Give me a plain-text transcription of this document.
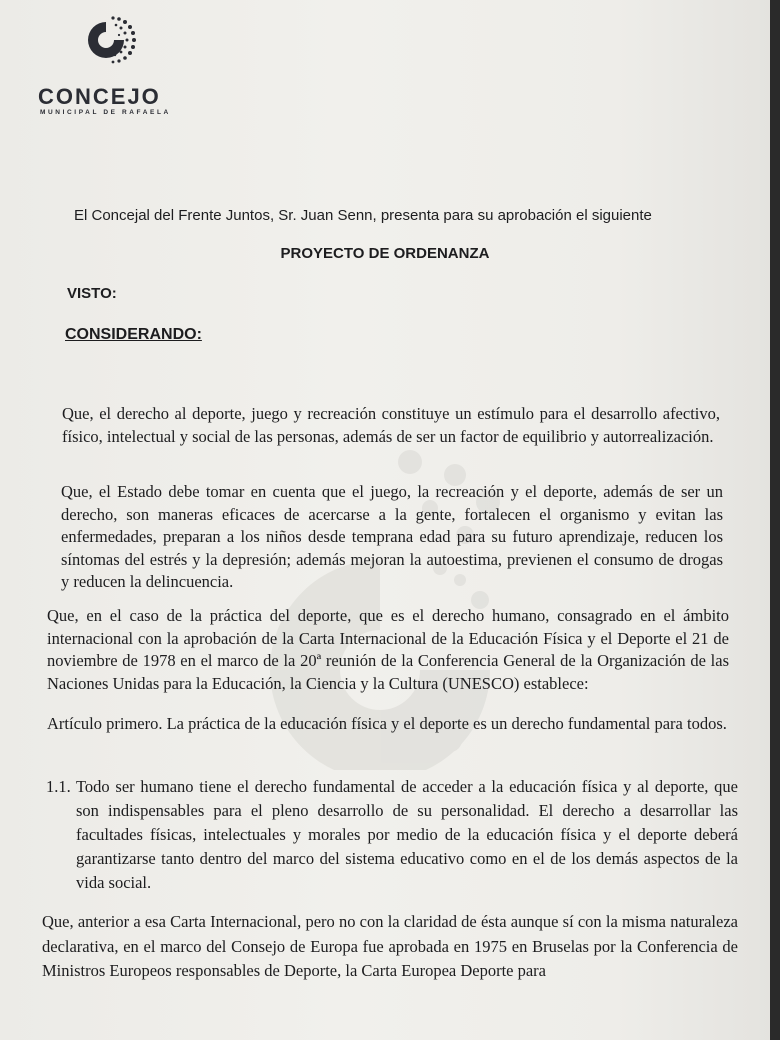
CONCEJO
MUNICIPAL DE RAFAELA
El Concejal del Frente Juntos, Sr. Juan Senn, presenta para su aprobación el siguiente
PROYECTO DE ORDENANZA
VISTO:
CONSIDERANDO:

Que, el derecho al deporte, juego y recreación constituye un estímulo para el desarrollo afectivo, físico, intelectual y social de las personas, además de ser un factor de equilibrio y autorrealización.

Que, el Estado debe tomar en cuenta que el juego, la recreación y el deporte, además de ser un derecho, son maneras eficaces de acercarse a la gente, fortalecen el organismo y evitan las enfermedades, preparan a los niños desde temprana edad para su futuro aprendizaje, reducen los síntomas del estrés y la depresión; además mejoran la autoestima, previenen el consumo de drogas y reducen la delincuencia.

Que, en el caso de la práctica del deporte, que es el derecho humano, consagrado en el ámbito internacional con la aprobación de la Carta Internacional de la Educación Física y el Deporte el 21 de noviembre de 1978 en el marco de la 20ª reunión de la Conferencia General de la Organización de las Naciones Unidas para la Educación, la Ciencia y la Cultura (UNESCO) establece:

Artículo primero. La práctica de la educación física y el deporte es un derecho fundamental para todos.

1.1. Todo ser humano tiene el derecho fundamental de acceder a la educación física y al deporte, que son indispensables para el pleno desarrollo de su personalidad. El derecho a desarrollar las facultades físicas, intelectuales y morales por medio de la educación física y el deporte deberá garantizarse tanto dentro del marco del sistema educativo como en el de los demás aspectos de la vida social.

Que, anterior a esa Carta Internacional, pero no con la claridad de ésta aunque sí con la misma naturaleza declarativa, en el marco del Consejo de Europa fue aprobada en 1975 en Bruselas por la Conferencia de Ministros Europeos responsables de Deporte, la Carta Europea Deporte para
